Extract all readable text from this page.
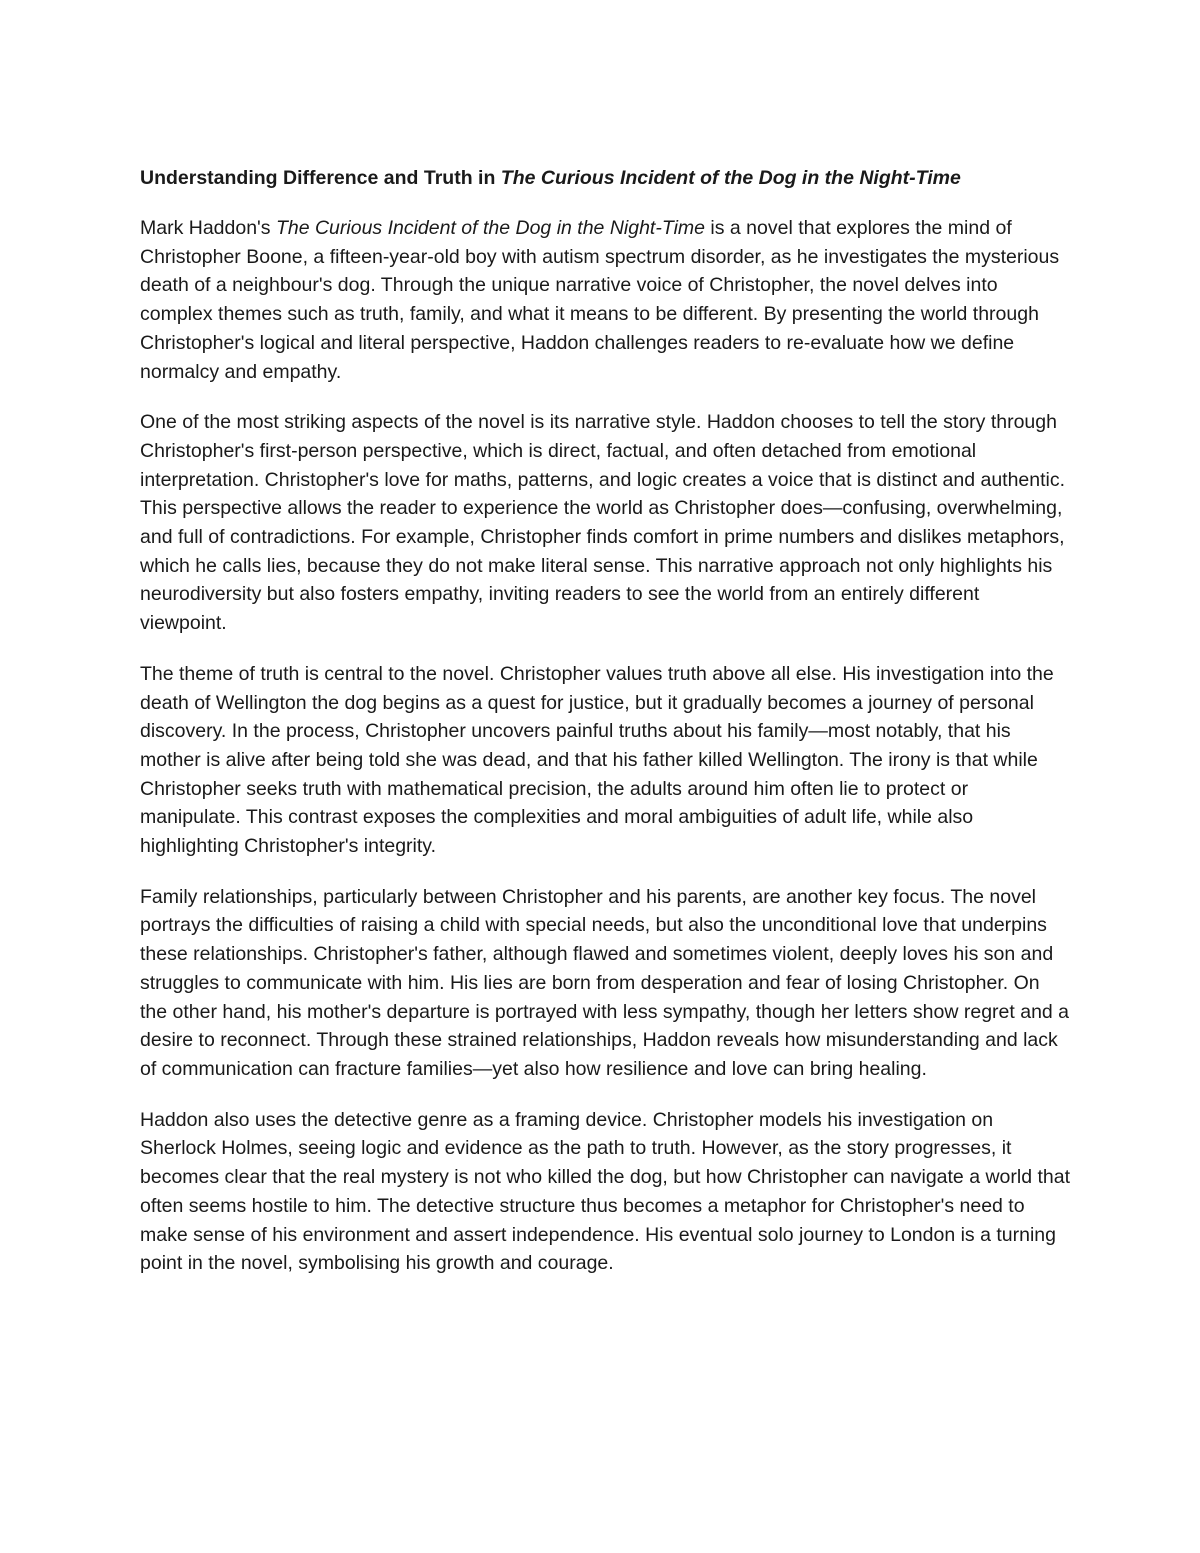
Understanding Difference and Truth in The Curious Incident of the Dog in the Night-Time

Mark Haddon's The Curious Incident of the Dog in the Night-Time is a novel that explores the mind of Christopher Boone, a fifteen-year-old boy with autism spectrum disorder, as he investigates the mysterious death of a neighbour's dog. Through the unique narrative voice of Christopher, the novel delves into complex themes such as truth, family, and what it means to be different. By presenting the world through Christopher's logical and literal perspective, Haddon challenges readers to re-evaluate how we define normalcy and empathy.

One of the most striking aspects of the novel is its narrative style. Haddon chooses to tell the story through Christopher's first-person perspective, which is direct, factual, and often detached from emotional interpretation. Christopher's love for maths, patterns, and logic creates a voice that is distinct and authentic. This perspective allows the reader to experience the world as Christopher does—confusing, overwhelming, and full of contradictions. For example, Christopher finds comfort in prime numbers and dislikes metaphors, which he calls lies, because they do not make literal sense. This narrative approach not only highlights his neurodiversity but also fosters empathy, inviting readers to see the world from an entirely different viewpoint.

The theme of truth is central to the novel. Christopher values truth above all else. His investigation into the death of Wellington the dog begins as a quest for justice, but it gradually becomes a journey of personal discovery. In the process, Christopher uncovers painful truths about his family—most notably, that his mother is alive after being told she was dead, and that his father killed Wellington. The irony is that while Christopher seeks truth with mathematical precision, the adults around him often lie to protect or manipulate. This contrast exposes the complexities and moral ambiguities of adult life, while also highlighting Christopher's integrity.

Family relationships, particularly between Christopher and his parents, are another key focus. The novel portrays the difficulties of raising a child with special needs, but also the unconditional love that underpins these relationships. Christopher's father, although flawed and sometimes violent, deeply loves his son and struggles to communicate with him. His lies are born from desperation and fear of losing Christopher. On the other hand, his mother's departure is portrayed with less sympathy, though her letters show regret and a desire to reconnect. Through these strained relationships, Haddon reveals how misunderstanding and lack of communication can fracture families—yet also how resilience and love can bring healing.

Haddon also uses the detective genre as a framing device. Christopher models his investigation on Sherlock Holmes, seeing logic and evidence as the path to truth. However, as the story progresses, it becomes clear that the real mystery is not who killed the dog, but how Christopher can navigate a world that often seems hostile to him. The detective structure thus becomes a metaphor for Christopher's need to make sense of his environment and assert independence. His eventual solo journey to London is a turning point in the novel, symbolising his growth and courage.
